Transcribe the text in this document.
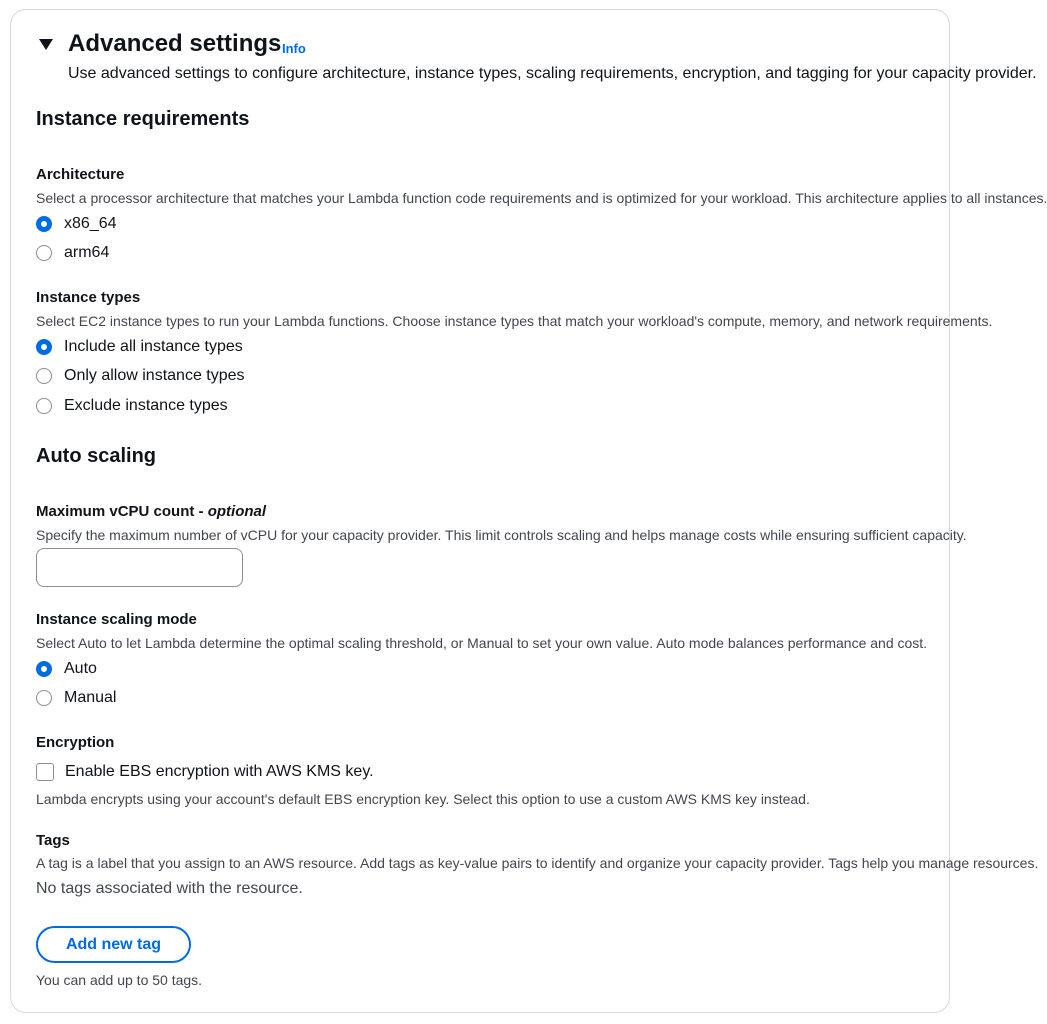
Advanced settings Info
Use advanced settings to configure architecture, instance types, scaling requirements, encryption, and tagging for your capacity provider.
Instance requirements
Architecture
Select a processor architecture that matches your Lambda function code requirements and is optimized for your workload. This architecture applies to all instances.
x86_64
arm64
Instance types
Select EC2 instance types to run your Lambda functions. Choose instance types that match your workload's compute, memory, and network requirements.
Include all instance types
Only allow instance types
Exclude instance types
Auto scaling
Maximum vCPU count - optional
Specify the maximum number of vCPU for your capacity provider. This limit controls scaling and helps manage costs while ensuring sufficient capacity.
Instance scaling mode
Select Auto to let Lambda determine the optimal scaling threshold, or Manual to set your own value. Auto mode balances performance and cost.
Auto
Manual
Encryption
Enable EBS encryption with AWS KMS key.
Lambda encrypts using your account's default EBS encryption key. Select this option to use a custom AWS KMS key instead.
Tags
A tag is a label that you assign to an AWS resource. Add tags as key-value pairs to identify and organize your capacity provider. Tags help you manage resources.
No tags associated with the resource.
Add new tag
You can add up to 50 tags.
